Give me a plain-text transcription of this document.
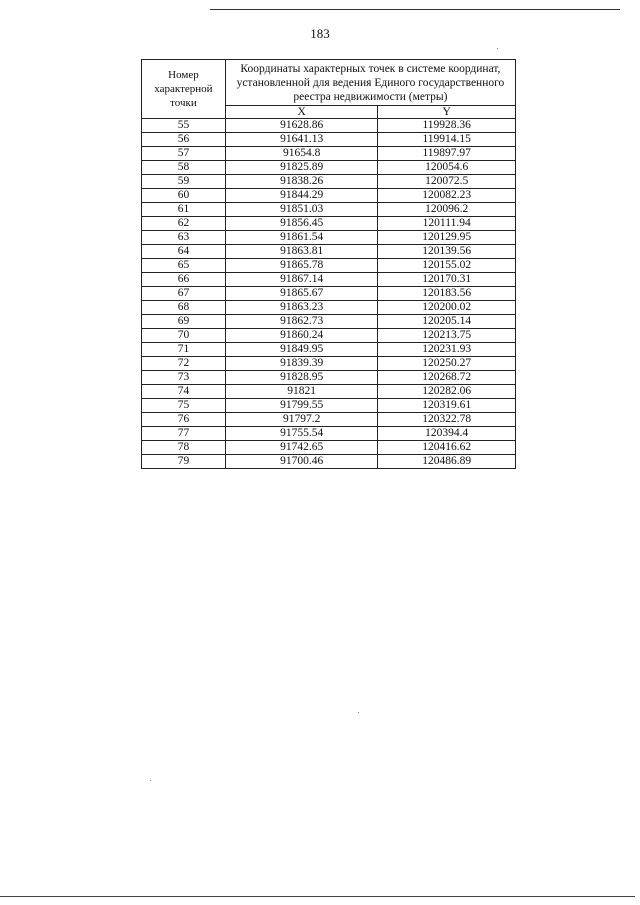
183
Номер характерной точки	Координаты характерных точек в системе координат, установленной для ведения Единого государственного реестра недвижимости (метры)	
	X	Y
55	91628.86	119928.36
56	91641.13	119914.15
57	91654.8	119897.97
58	91825.89	120054.6
59	91838.26	120072.5
60	91844.29	120082.23
61	91851.03	120096.2
62	91856.45	120111.94
63	91861.54	120129.95
64	91863.81	120139.56
65	91865.78	120155.02
66	91867.14	120170.31
67	91865.67	120183.56
68	91863.23	120200.02
69	91862.73	120205.14
70	91860.24	120213.75
71	91849.95	120231.93
72	91839.39	120250.27
73	91828.95	120268.72
74	91821	120282.06
75	91799.55	120319.61
76	91797.2	120322.78
77	91755.54	120394.4
78	91742.65	120416.62
79	91700.46	120486.89
